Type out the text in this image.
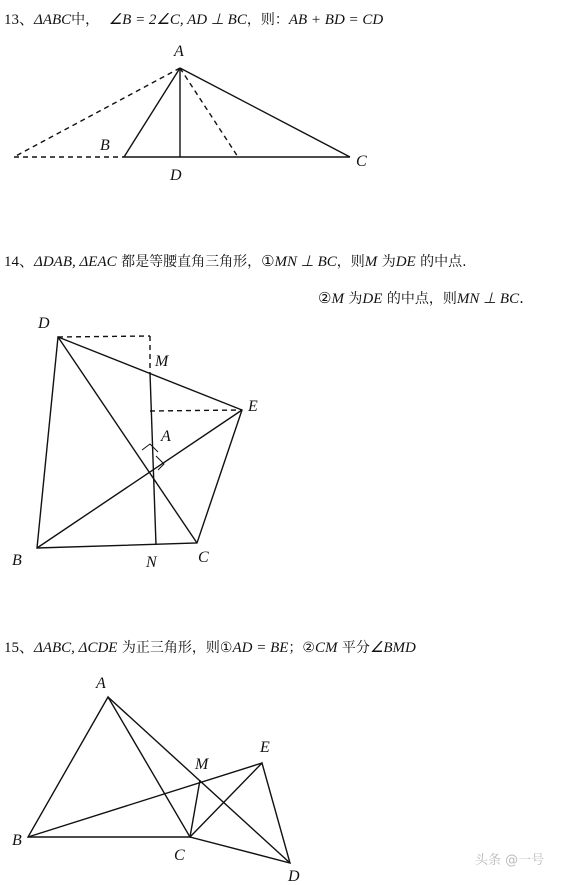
13、ΔABC中， ∠B = 2∠C, AD ⊥ BC，则：AB + BD = CD
14、ΔDAB, ΔEAC 都是等腰直角三角形，①MN ⊥ BC，则M 为DE 的中点.
②M 为DE 的中点，则MN ⊥ BC.
15、ΔABC, ΔCDE 为正三角形，则①AD = BE；②CM 平分∠BMD
A
B
D
C
D
M
E
A
B	N	C
A
M
E
B
C
D
头条 @一号
